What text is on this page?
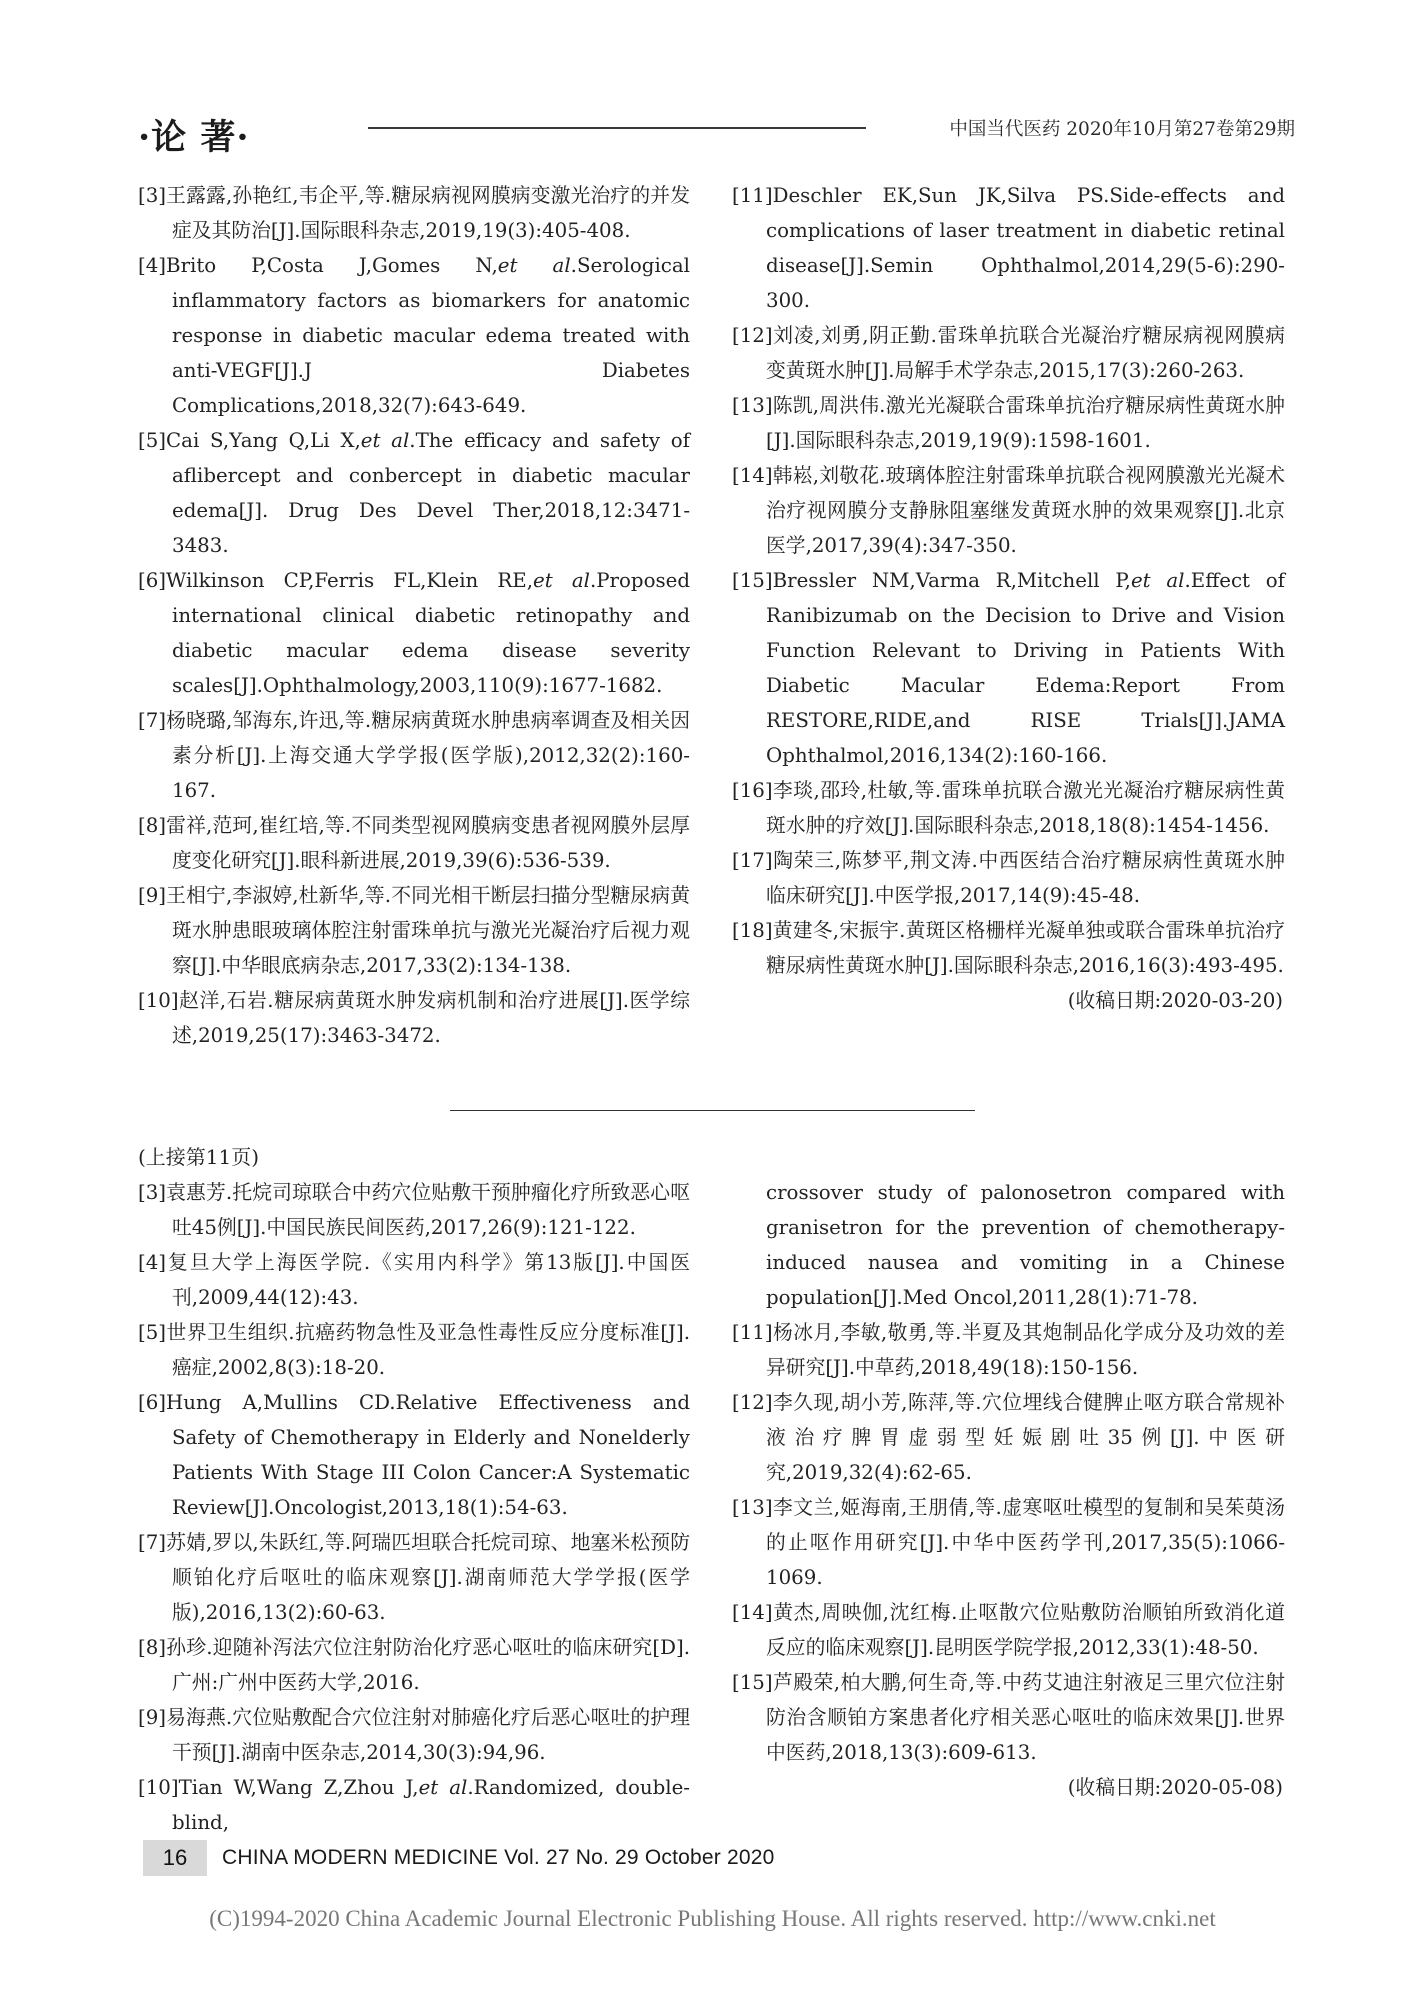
·论 著·	中国当代医药 2020年10月第27卷第29期

[3]王露露,孙艳红,韦企平,等.糖尿病视网膜病变激光治疗的并发症及其防治[J].国际眼科杂志,2019,19(3):405-408.

[4]Brito P,Costa J,Gomes N,et al.Serological inflammatory factors as biomarkers for anatomic response in diabetic macular edema treated with anti-VEGF[J].J Diabetes Complications,2018,32(7):643-649.

[5]Cai S,Yang Q,Li X,et al.The efficacy and safety of aflibercept and conbercept in diabetic macular edema[J]. Drug Des Devel Ther,2018,12:3471-3483.

[6]Wilkinson CP,Ferris FL,Klein RE,et al.Proposed international clinical diabetic retinopathy and diabetic macular edema disease severity scales[J].Ophthalmology,2003,110(9):1677-1682.

[7]杨晓璐,邹海东,许迅,等.糖尿病黄斑水肿患病率调查及相关因素分析[J].上海交通大学学报(医学版),2012,32(2):160-167.

[8]雷祥,范珂,崔红培,等.不同类型视网膜病变患者视网膜外层厚度变化研究[J].眼科新进展,2019,39(6):536-539.

[9]王相宁,李淑婷,杜新华,等.不同光相干断层扫描分型糖尿病黄斑水肿患眼玻璃体腔注射雷珠单抗与激光光凝治疗后视力观察[J].中华眼底病杂志,2017,33(2):134-138.

[10]赵洋,石岩.糖尿病黄斑水肿发病机制和治疗进展[J].医学综述,2019,25(17):3463-3472.

[11]Deschler EK,Sun JK,Silva PS.Side-effects and complications of laser treatment in diabetic retinal disease[J].Semin Ophthalmol,2014,29(5-6):290-300.

[12]刘凌,刘勇,阴正勤.雷珠单抗联合光凝治疗糖尿病视网膜病变黄斑水肿[J].局解手术学杂志,2015,17(3):260-263.

[13]陈凯,周洪伟.激光光凝联合雷珠单抗治疗糖尿病性黄斑水肿[J].国际眼科杂志,2019,19(9):1598-1601.

[14]韩崧,刘敬花.玻璃体腔注射雷珠单抗联合视网膜激光光凝术治疗视网膜分支静脉阻塞继发黄斑水肿的效果观察[J].北京医学,2017,39(4):347-350.

[15]Bressler NM,Varma R,Mitchell P,et al.Effect of Ranibizumab on the Decision to Drive and Vision Function Relevant to Driving in Patients With Diabetic Macular Edema:Report From RESTORE,RIDE,and RISE Trials[J].JAMA Ophthalmol,2016,134(2):160-166.

[16]李琰,邵玲,杜敏,等.雷珠单抗联合激光光凝治疗糖尿病性黄斑水肿的疗效[J].国际眼科杂志,2018,18(8):1454-1456.

[17]陶荣三,陈梦平,荆文涛.中西医结合治疗糖尿病性黄斑水肿临床研究[J].中医学报,2017,14(9):45-48.

[18]黄建冬,宋振宇.黄斑区格栅样光凝单独或联合雷珠单抗治疗糖尿病性黄斑水肿[J].国际眼科杂志,2016,16(3):493-495.

(收稿日期:2020-03-20)

(上接第11页)

[3]袁惠芳.托烷司琼联合中药穴位贴敷干预肿瘤化疗所致恶心呕吐45例[J].中国民族民间医药,2017,26(9):121-122.

[4]复旦大学上海医学院.《实用内科学》第13版[J].中国医刊,2009,44(12):43.

[5]世界卫生组织.抗癌药物急性及亚急性毒性反应分度标准[J].癌症,2002,8(3):18-20.

[6]Hung A,Mullins CD.Relative Effectiveness and Safety of Chemotherapy in Elderly and Nonelderly Patients With Stage III Colon Cancer:A Systematic Review[J].Oncologist,2013,18(1):54-63.

[7]苏婧,罗以,朱跃红,等.阿瑞匹坦联合托烷司琼、地塞米松预防顺铂化疗后呕吐的临床观察[J].湖南师范大学学报(医学版),2016,13(2):60-63.

[8]孙珍.迎随补泻法穴位注射防治化疗恶心呕吐的临床研究[D].广州:广州中医药大学,2016.

[9]易海燕.穴位贴敷配合穴位注射对肺癌化疗后恶心呕吐的护理干预[J].湖南中医杂志,2014,30(3):94,96.

[10]Tian W,Wang Z,Zhou J,et al.Randomized, double-blind,

crossover study of palonosetron compared with granisetron for the prevention of chemotherapy-induced nausea and vomiting in a Chinese population[J].Med Oncol,2011,28(1):71-78.

[11]杨冰月,李敏,敬勇,等.半夏及其炮制品化学成分及功效的差异研究[J].中草药,2018,49(18):150-156.

[12]李久现,胡小芳,陈萍,等.穴位埋线合健脾止呕方联合常规补液治疗脾胃虚弱型妊娠剧吐35例[J].中医研究,2019,32(4):62-65.

[13]李文兰,姬海南,王朋倩,等.虚寒呕吐模型的复制和吴茱萸汤的止呕作用研究[J].中华中医药学刊,2017,35(5):1066-1069.

[14]黄杰,周映伽,沈红梅.止呕散穴位贴敷防治顺铂所致消化道反应的临床观察[J].昆明医学院学报,2012,33(1):48-50.

[15]芦殿荣,柏大鹏,何生奇,等.中药艾迪注射液足三里穴位注射防治含顺铂方案患者化疗相关恶心呕吐的临床效果[J].世界中医药,2018,13(3):609-613.

(收稿日期:2020-05-08)
16	CHINA MODERN MEDICINE Vol. 27 No. 29 October 2020
(C)1994-2020 China Academic Journal Electronic Publishing House. All rights reserved. http://www.cnki.net
